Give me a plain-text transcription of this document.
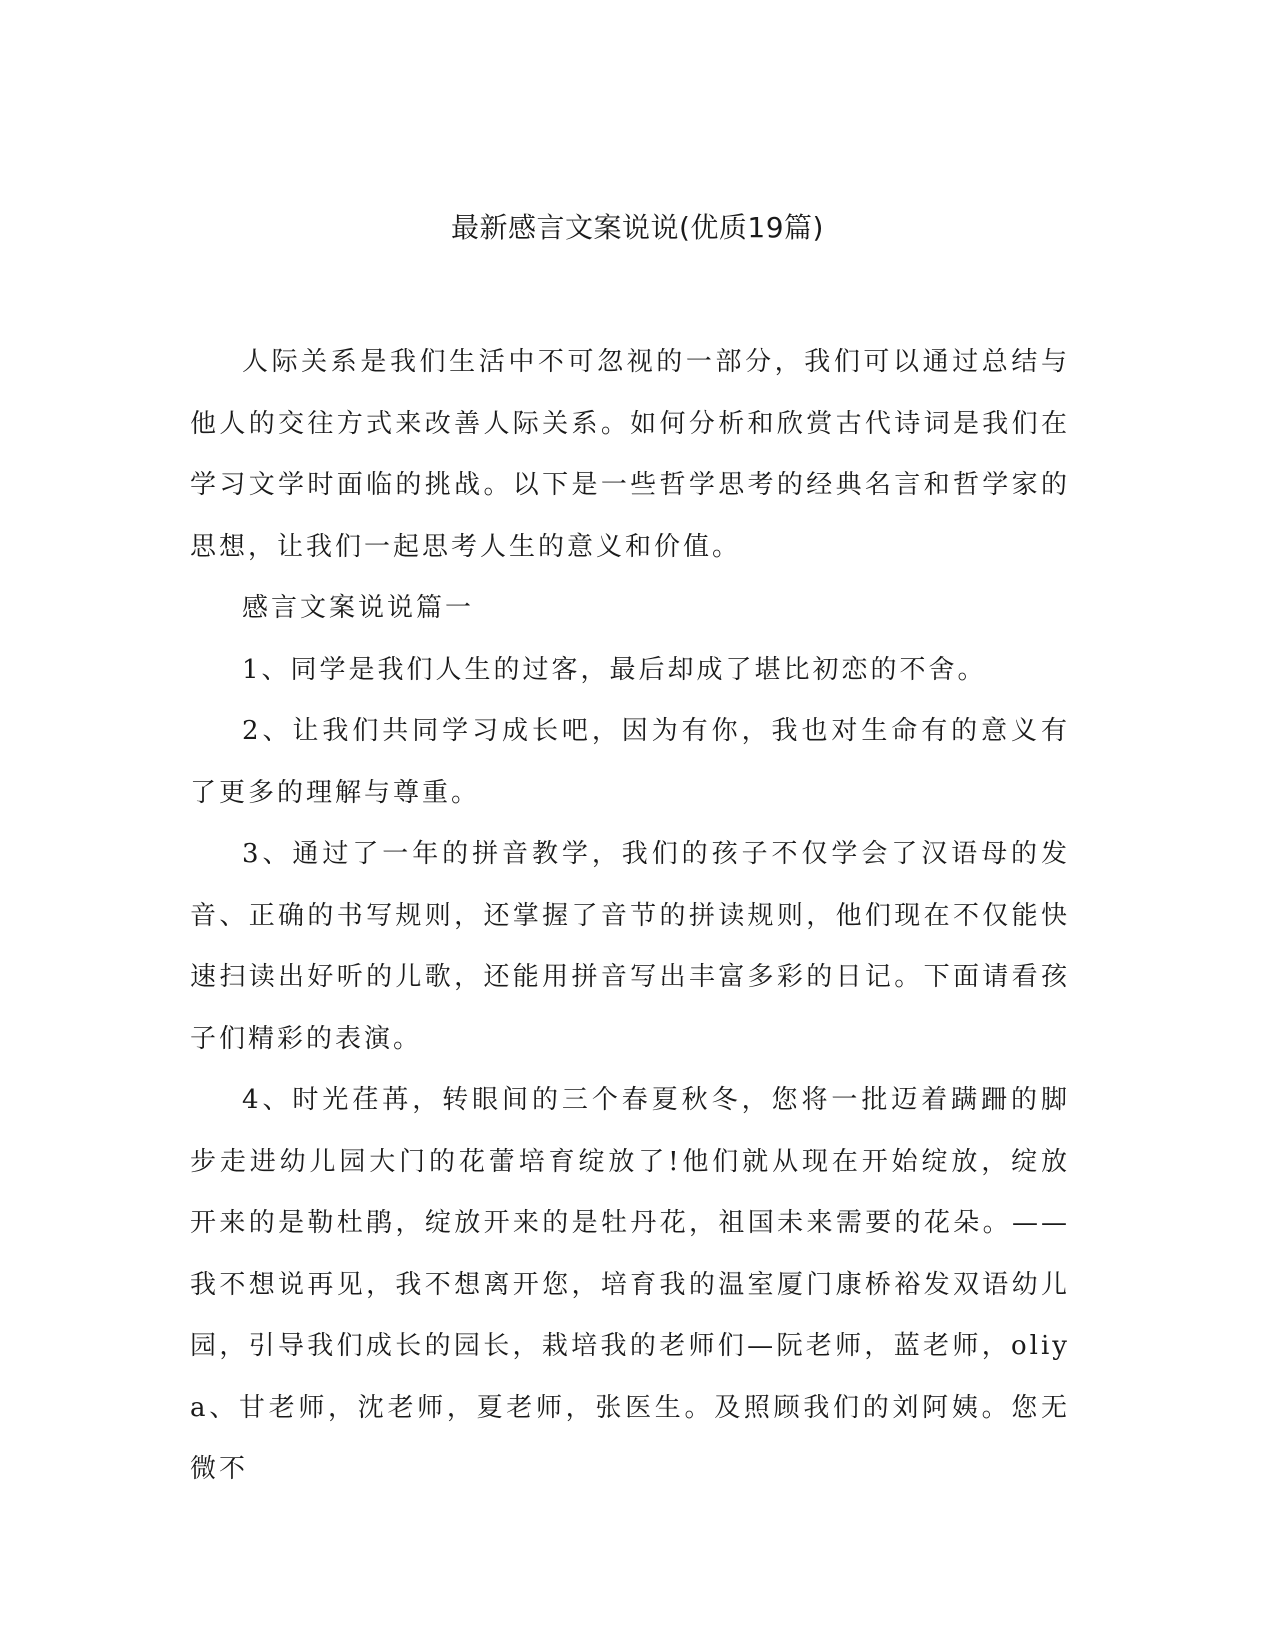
最新感言文案说说(优质19篇)

人际关系是我们生活中不可忽视的一部分，我们可以通过总结与他人的交往方式来改善人际关系。如何分析和欣赏古代诗词是我们在学习文学时面临的挑战。以下是一些哲学思考的经典名言和哲学家的思想，让我们一起思考人生的意义和价值。

感言文案说说篇一

1、同学是我们人生的过客，最后却成了堪比初恋的不舍。

2、让我们共同学习成长吧，因为有你，我也对生命有的意义有了更多的理解与尊重。

3、通过了一年的拼音教学，我们的孩子不仅学会了汉语母的发音、正确的书写规则，还掌握了音节的拼读规则，他们现在不仅能快速扫读出好听的儿歌，还能用拼音写出丰富多彩的日记。下面请看孩子们精彩的表演。

4、时光荏苒，转眼间的三个春夏秋冬，您将一批迈着蹒跚的脚步走进幼儿园大门的花蕾培育绽放了!他们就从现在开始绽放，绽放开来的是勒杜鹃，绽放开来的是牡丹花，祖国未来需要的花朵。——我不想说再见，我不想离开您，培育我的温室厦门康桥裕发双语幼儿园，引导我们成长的园长，栽培我的老师们—阮老师，蓝老师，oliya、甘老师，沈老师，夏老师，张医生。及照顾我们的刘阿姨。您无微不
